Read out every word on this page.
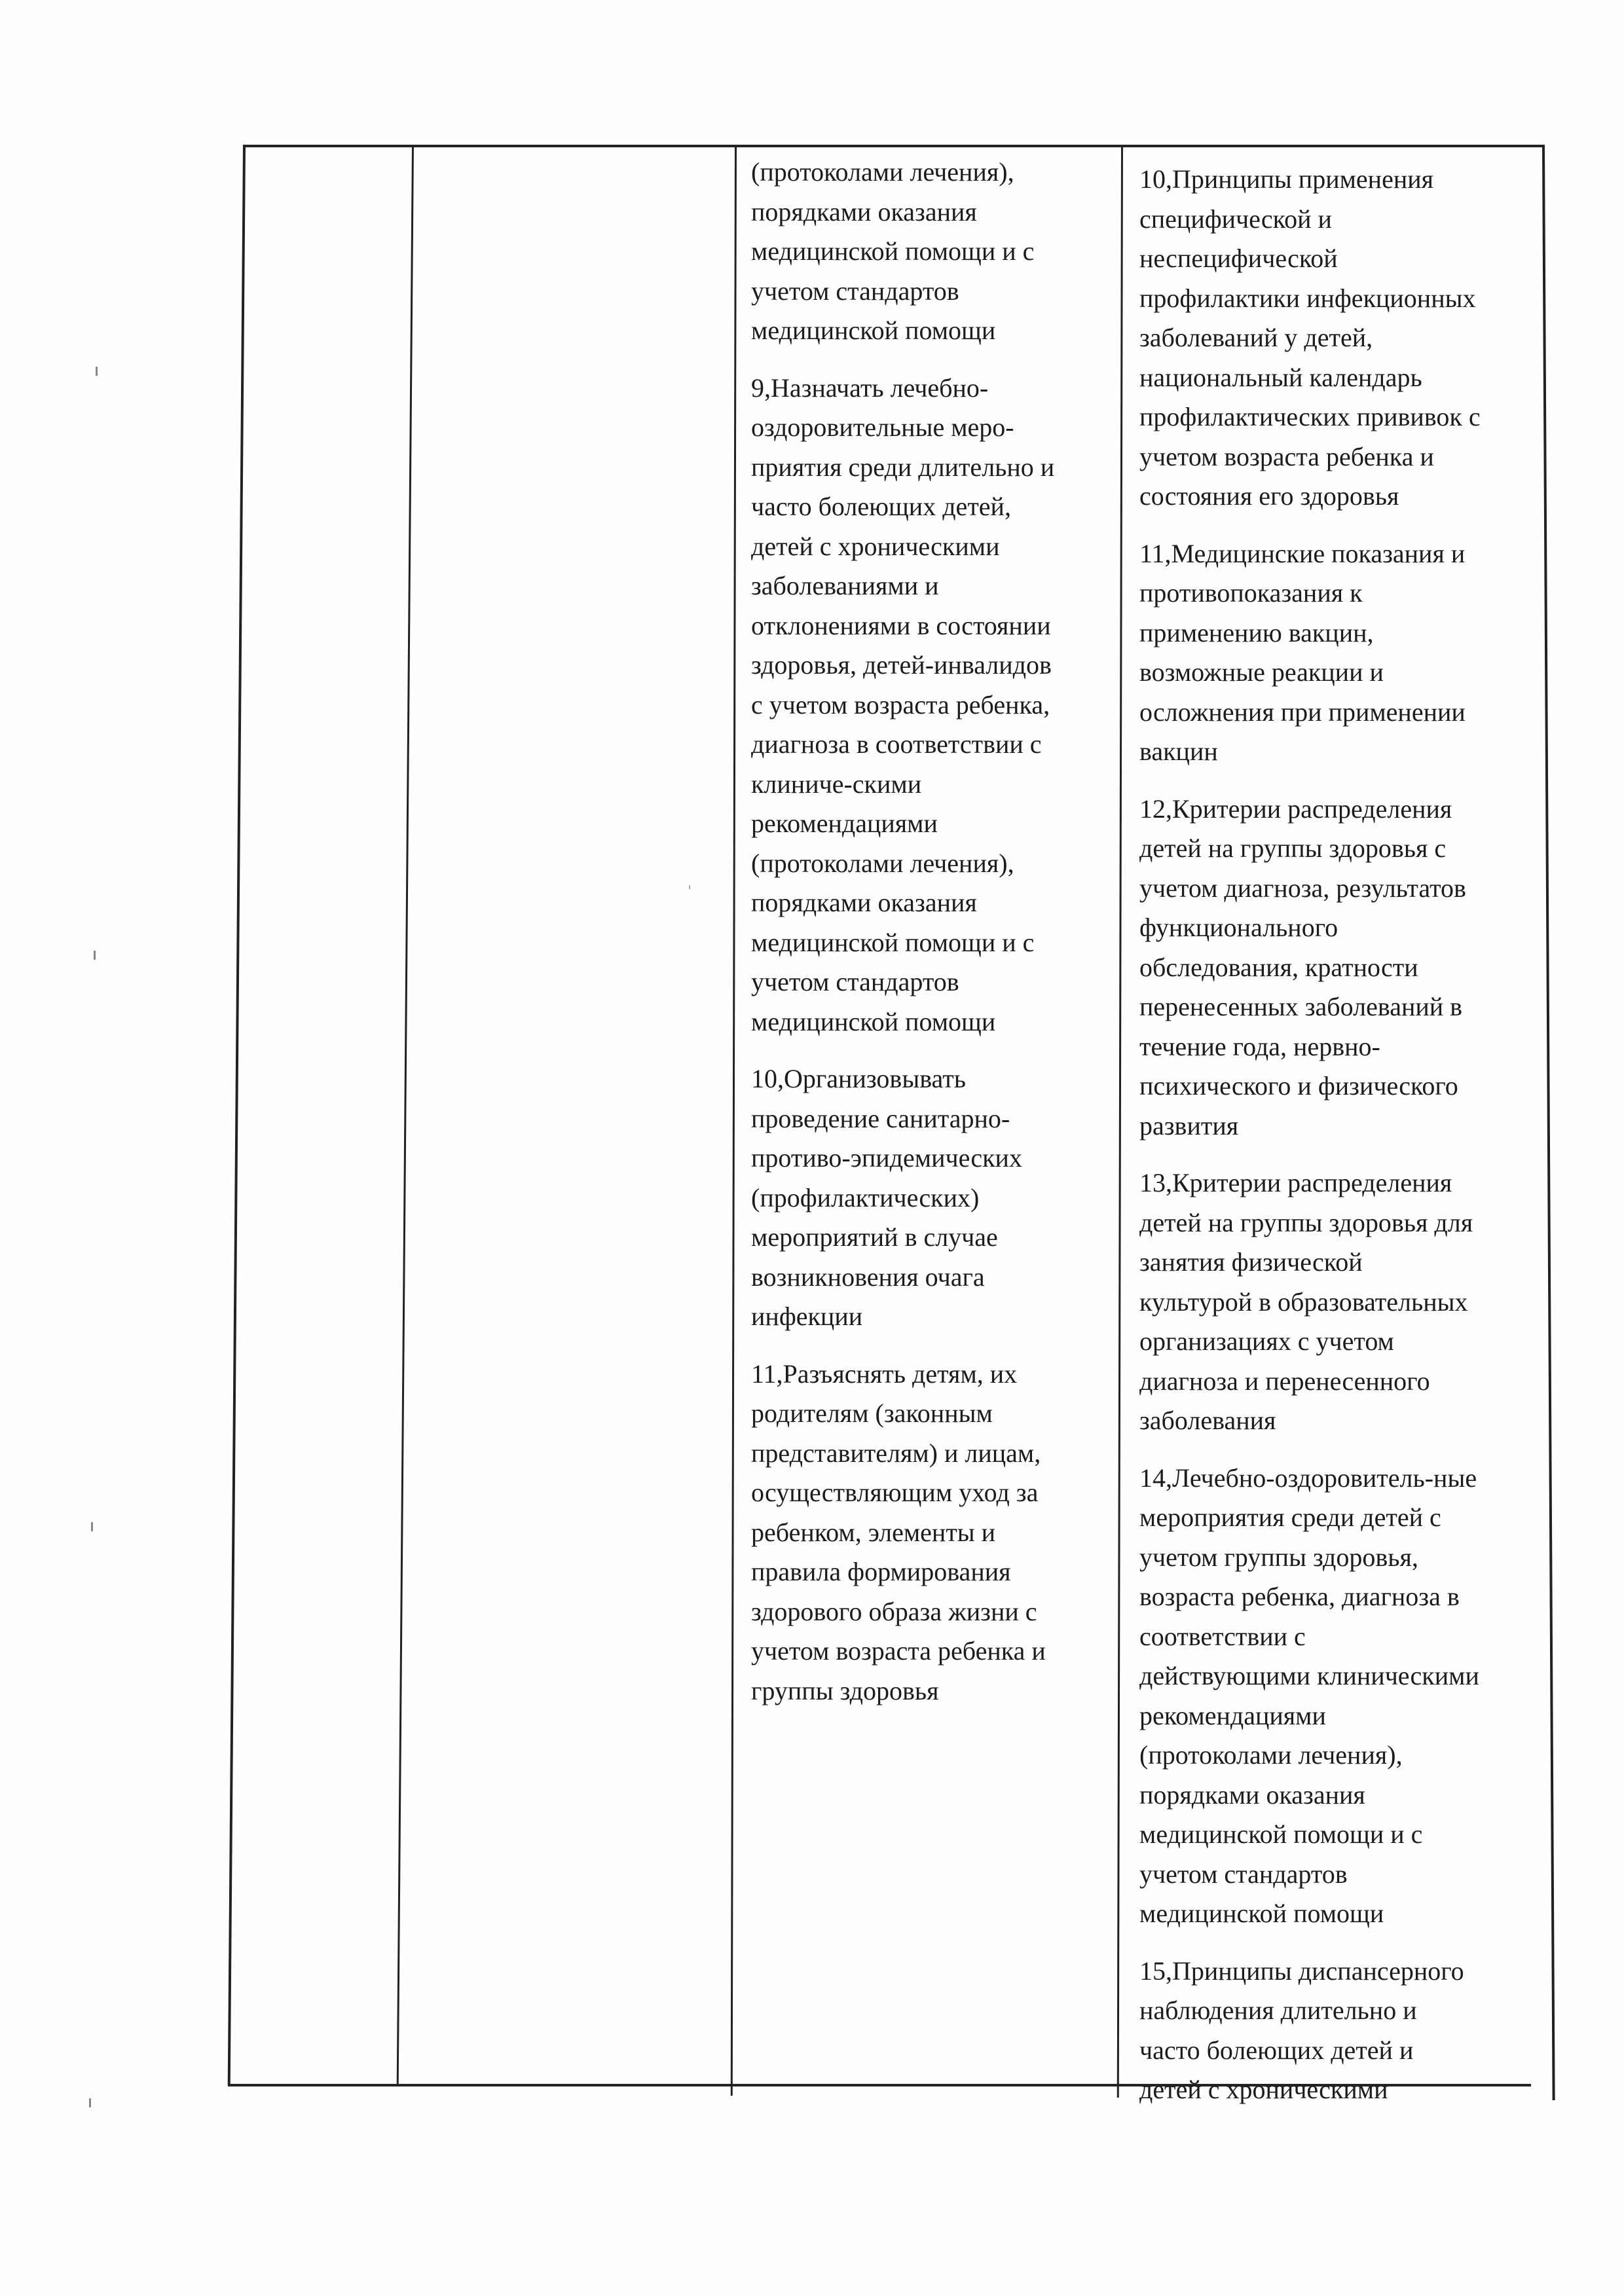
(протоколами лечения),
порядками оказания
медицинской помощи и с
учетом стандартов
медицинской помощи

9,Назначать лечебно-
оздоровительные меро-
приятия среди длительно и
часто болеющих детей,
детей с хроническими
заболеваниями и
отклонениями в состоянии
здоровья, детей-инвалидов
с учетом возраста ребенка,
диагноза в соответствии с
клиниче-скими
рекомендациями
(протоколами лечения),
порядками оказания
медицинской помощи и с
учетом стандартов
медицинской помощи

10,Организовывать
проведение санитарно-
противо-эпидемических
(профилактических)
мероприятий в случае
возникновения очага
инфекции

11,Разъяснять детям, их
родителям (законным
представителям) и лицам,
осуществляющим уход за
ребенком, элементы и
правила формирования
здорового образа жизни с
учетом возраста ребенка и
группы здоровья

10,Принципы применения
специфической и
неспецифической
профилактики инфекционных
заболеваний у детей,
национальный календарь
профилактических прививок с
учетом возраста ребенка и
состояния его здоровья

11,Медицинские показания и
противопоказания к
применению вакцин,
возможные реакции и
осложнения при применении
вакцин

12,Критерии распределения
детей на группы здоровья с
учетом диагноза, результатов
функционального
обследования, кратности
перенесенных заболеваний в
течение года, нервно-
психического и физического
развития

13,Критерии распределения
детей на группы здоровья для
занятия физической
культурой в образовательных
организациях с учетом
диагноза и перенесенного
заболевания

14,Лечебно-оздоровитель-ные
мероприятия среди детей с
учетом группы здоровья,
возраста ребенка, диагноза в
соответствии с
действующими клиническими
рекомендациями
(протоколами лечения),
порядками оказания
медицинской помощи и с
учетом стандартов
медицинской помощи

15,Принципы диспансерного
наблюдения длительно и
часто болеющих детей и
детей с хроническими
